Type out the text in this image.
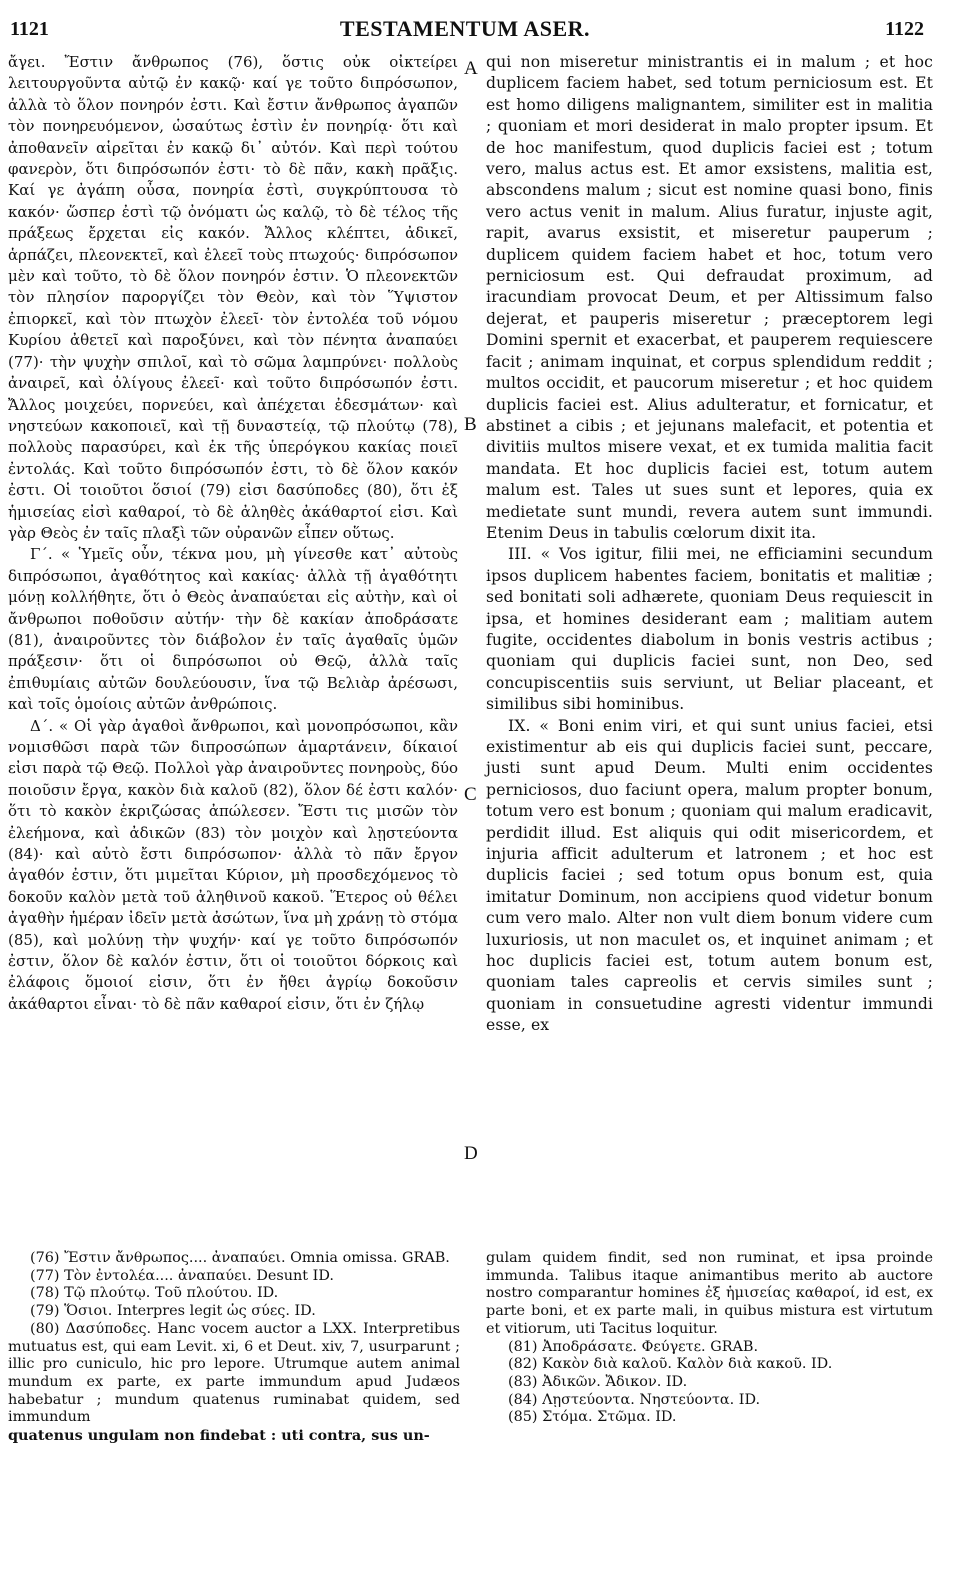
1121	TESTAMENTUM ASER.	1122

ἄγει. Ἔστιν ἄνθρωπος (76), ὅστις οὐκ οἰκτείρει λειτουργοῦντα αὐτῷ ἐν κακῷ· καί γε τοῦτο διπρόσωπον, ἀλλὰ τὸ ὅλον πονηρόν ἐστι. Καὶ ἔστιν ἄνθρωπος ἀγαπῶν τὸν πονηρευόμενον, ὡσαύτως ἐστὶν ἐν πονηρίᾳ· ὅτι καὶ ἀποθανεῖν αἱρεῖται ἐν κακῷ δι᾽ αὐτόν. Καὶ περὶ τούτου φανερὸν, ὅτι διπρόσωπόν ἐστι· τὸ δὲ πᾶν, κακὴ πρᾶξις. Καί γε ἀγάπη οὖσα, πονηρία ἐστὶ, συγκρύπτουσα τὸ κακόν· ὥσπερ ἐστὶ τῷ ὀνόματι ὡς καλῷ, τὸ δὲ τέλος τῆς πράξεως ἔρχεται εἰς κακόν. Ἄλλος κλέπτει, ἀδικεῖ, ἁρπάζει, πλεονεκτεῖ, καὶ ἐλεεῖ τοὺς πτωχούς· διπρόσωπον μὲν καὶ τοῦτο, τὸ δὲ ὅλον πονηρόν ἐστιν. Ὁ πλεονεκτῶν τὸν πλησίον παροργίζει τὸν Θεὸν, καὶ τὸν Ὕψιστον ἐπιορκεῖ, καὶ τὸν πτωχὸν ἐλεεῖ· τὸν ἐντολέα τοῦ νόμου Κυρίου ἀθετεῖ καὶ παροξύνει, καὶ τὸν πένητα ἀναπαύει (77)· τὴν ψυχὴν σπιλοῖ, καὶ τὸ σῶμα λαμπρύνει· πολλοὺς ἀναιρεῖ, καὶ ὀλίγους ἐλεεῖ· καὶ τοῦτο διπρόσωπόν ἐστι. Ἄλλος μοιχεύει, πορνεύει, καὶ ἀπέχεται ἐδεσμάτων· καὶ νηστεύων κακοποιεῖ, καὶ τῇ δυναστείᾳ, τῷ πλούτῳ (78), πολλοὺς παρασύρει, καὶ ἐκ τῆς ὑπερόγκου κακίας ποιεῖ ἐντολάς. Καὶ τοῦτο διπρόσωπόν ἐστι, τὸ δὲ ὅλον κακόν ἐστι. Οἱ τοιοῦτοι ὅσιοί (79) εἰσι δασύποδες (80), ὅτι ἐξ ἡμισείας εἰσὶ καθαροί, τὸ δὲ ἀληθὲς ἀκάθαρτοί εἰσι. Καὶ γὰρ Θεὸς ἐν ταῖς πλαξὶ τῶν οὐρανῶν εἶπεν οὕτως.

Γ΄. « Ὑμεῖς οὖν, τέκνα μου, μὴ γίνεσθε κατ᾽ αὐτοὺς διπρόσωποι, ἀγαθότητος καὶ κακίας· ἀλλὰ τῇ ἀγαθότητι μόνῃ κολλήθητε, ὅτι ὁ Θεὸς ἀναπαύεται εἰς αὐτὴν, καὶ οἱ ἄνθρωποι ποθοῦσιν αὐτήν· τὴν δὲ κακίαν ἀποδράσατε (81), ἀναιροῦντες τὸν διάβολον ἐν ταῖς ἀγαθαῖς ὑμῶν πράξεσιν· ὅτι οἱ διπρόσωποι οὐ Θεῷ, ἀλλὰ ταῖς ἐπιθυμίαις αὐτῶν δουλεύουσιν, ἵνα τῷ Βελιὰρ ἀρέσωσι, καὶ τοῖς ὁμοίοις αὐτῶν ἀνθρώποις.

Δ΄. « Οἱ γὰρ ἀγαθοὶ ἄνθρωποι, καὶ μονοπρόσωποι, κἂν νομισθῶσι παρὰ τῶν διπροσώπων ἁμαρτάνειν, δίκαιοί εἰσι παρὰ τῷ Θεῷ. Πολλοὶ γὰρ ἀναιροῦντες πονηροὺς, δύο ποιοῦσιν ἔργα, κακὸν διὰ καλοῦ (82), ὅλον δέ ἐστι καλόν· ὅτι τὸ κακὸν ἐκριζώσας ἀπώλεσεν. Ἔστι τις μισῶν τὸν ἐλεήμονα, καὶ ἀδικῶν (83) τὸν μοιχὸν καὶ λῃστεύοντα (84)· καὶ αὐτὸ ἔστι διπρόσωπον· ἀλλὰ τὸ πᾶν ἔργον ἀγαθόν ἐστιν, ὅτι μιμεῖται Κύριον, μὴ προσδεχόμενος τὸ δοκοῦν καλὸν μετὰ τοῦ ἀληθινοῦ κακοῦ. Ἕτερος οὐ θέλει ἀγαθὴν ἡμέραν ἰδεῖν μετὰ ἀσώτων, ἵνα μὴ χράνῃ τὸ στόμα (85), καὶ μολύνῃ τὴν ψυχήν· καί γε τοῦτο διπρόσωπόν ἐστιν, ὅλον δὲ καλόν ἐστιν, ὅτι οἱ τοιοῦτοι δόρκοις καὶ ἐλάφοις ὅμοιοί εἰσιν, ὅτι ἐν ἤθει ἀγρίῳ δοκοῦσιν ἀκάθαρτοι εἶναι· τὸ δὲ πᾶν καθαροί εἰσιν, ὅτι ἐν ζήλῳ

A
B
C
D

qui non miseretur ministrantis ei in malum ; et hoc duplicem faciem habet, sed totum perniciosum est. Et est homo diligens malignantem, similiter est in malitia ; quoniam et mori desiderat in malo propter ipsum. Et de hoc manifestum, quod duplicis faciei est ; totum vero, malus actus est. Et amor exsistens, malitia est, abscondens malum ; sicut est nomine quasi bono, finis vero actus venit in malum. Alius furatur, injuste agit, rapit, avarus exsistit, et miseretur pauperum ; duplicem quidem faciem habet et hoc, totum vero perniciosum est. Qui defraudat proximum, ad iracundiam provocat Deum, et per Altissimum falso dejerat, et pauperis miseretur ; præceptorem legi Domini spernit et exacerbat, et pauperem requiescere facit ; animam inquinat, et corpus splendidum reddit ; multos occidit, et paucorum miseretur ; et hoc quidem duplicis faciei est. Alius adulteratur, et fornicatur, et abstinet a cibis ; et jejunans malefacit, et potentia et divitiis multos misere vexat, et ex tumida malitia facit mandata. Et hoc duplicis faciei est, totum autem malum est. Tales ut sues sunt et lepores, quia ex medietate sunt mundi, revera autem sunt immundi. Etenim Deus in tabulis cœlorum dixit ita.

III. « Vos igitur, filii mei, ne efficiamini secundum ipsos duplicem habentes faciem, bonitatis et malitiæ ; sed bonitati soli adhærete, quoniam Deus requiescit in ipsa, et homines desiderant eam ; malitiam autem fugite, occidentes diabolum in bonis vestris actibus ; quoniam qui duplicis faciei sunt, non Deo, sed concupiscentiis suis serviunt, ut Beliar placeant, et similibus sibi hominibus.

IX. « Boni enim viri, et qui sunt unius faciei, etsi existimentur ab eis qui duplicis faciei sunt, peccare, justi sunt apud Deum. Multi enim occidentes perniciosos, duo faciunt opera, malum propter bonum, totum vero est bonum ; quoniam qui malum eradicavit, perdidit illud. Est aliquis qui odit misericordem, et injuria afficit adulterum et latronem ; et hoc est duplicis faciei ; sed totum opus bonum est, quia imitatur Dominum, non accipiens quod videtur bonum cum vero malo. Alter non vult diem bonum videre cum luxuriosis, ut non maculet os, et inquinet animam ; et hoc duplicis faciei est, totum autem bonum est, quoniam tales capreolis et cervis similes sunt ; quoniam in consuetudine agresti videntur immundi esse, ex

(76) Ἔστιν ἄνθρωπος.... ἀναπαύει. Omnia omissa. GRAB.

(77) Τὸν ἐντολέα.... ἀναπαύει. Desunt ID.

(78) Τῷ πλούτῳ. Τοῦ πλούτου. ID.

(79) Ὅσιοι. Interpres legit ὡς σύες. ID.

(80) Δασύποδες. Hanc vocem auctor a LXX. Interpretibus mutuatus est, qui eam Levit. xi, 6 et Deut. xiv, 7, usurparunt ; illic pro cuniculo, hic pro lepore. Utrumque autem animal mundum ex parte, ex parte immundum apud Judæos habebatur ; mundum quatenus ruminabat quidem, sed immundum

quatenus ungulam non findebat : uti contra, sus un-

gulam quidem findit, sed non ruminat, et ipsa proinde immunda. Talibus itaque animantibus merito ab auctore nostro comparantur homines ἐξ ἡμισείας καθαροί, id est, ex parte boni, et ex parte mali, in quibus mistura est virtutum et vitiorum, uti Tacitus loquitur.

(81) Ἀποδράσατε. Φεύγετε. GRAB.

(82) Κακὸν διὰ καλοῦ. Καλὸν διὰ κακοῦ. ID.

(83) Ἀδικῶν. Ἄδικον. ID.

(84) Λῃστεύοντα. Νηστεύοντα. ID.

(85) Στόμα. Στῶμα. ID.
